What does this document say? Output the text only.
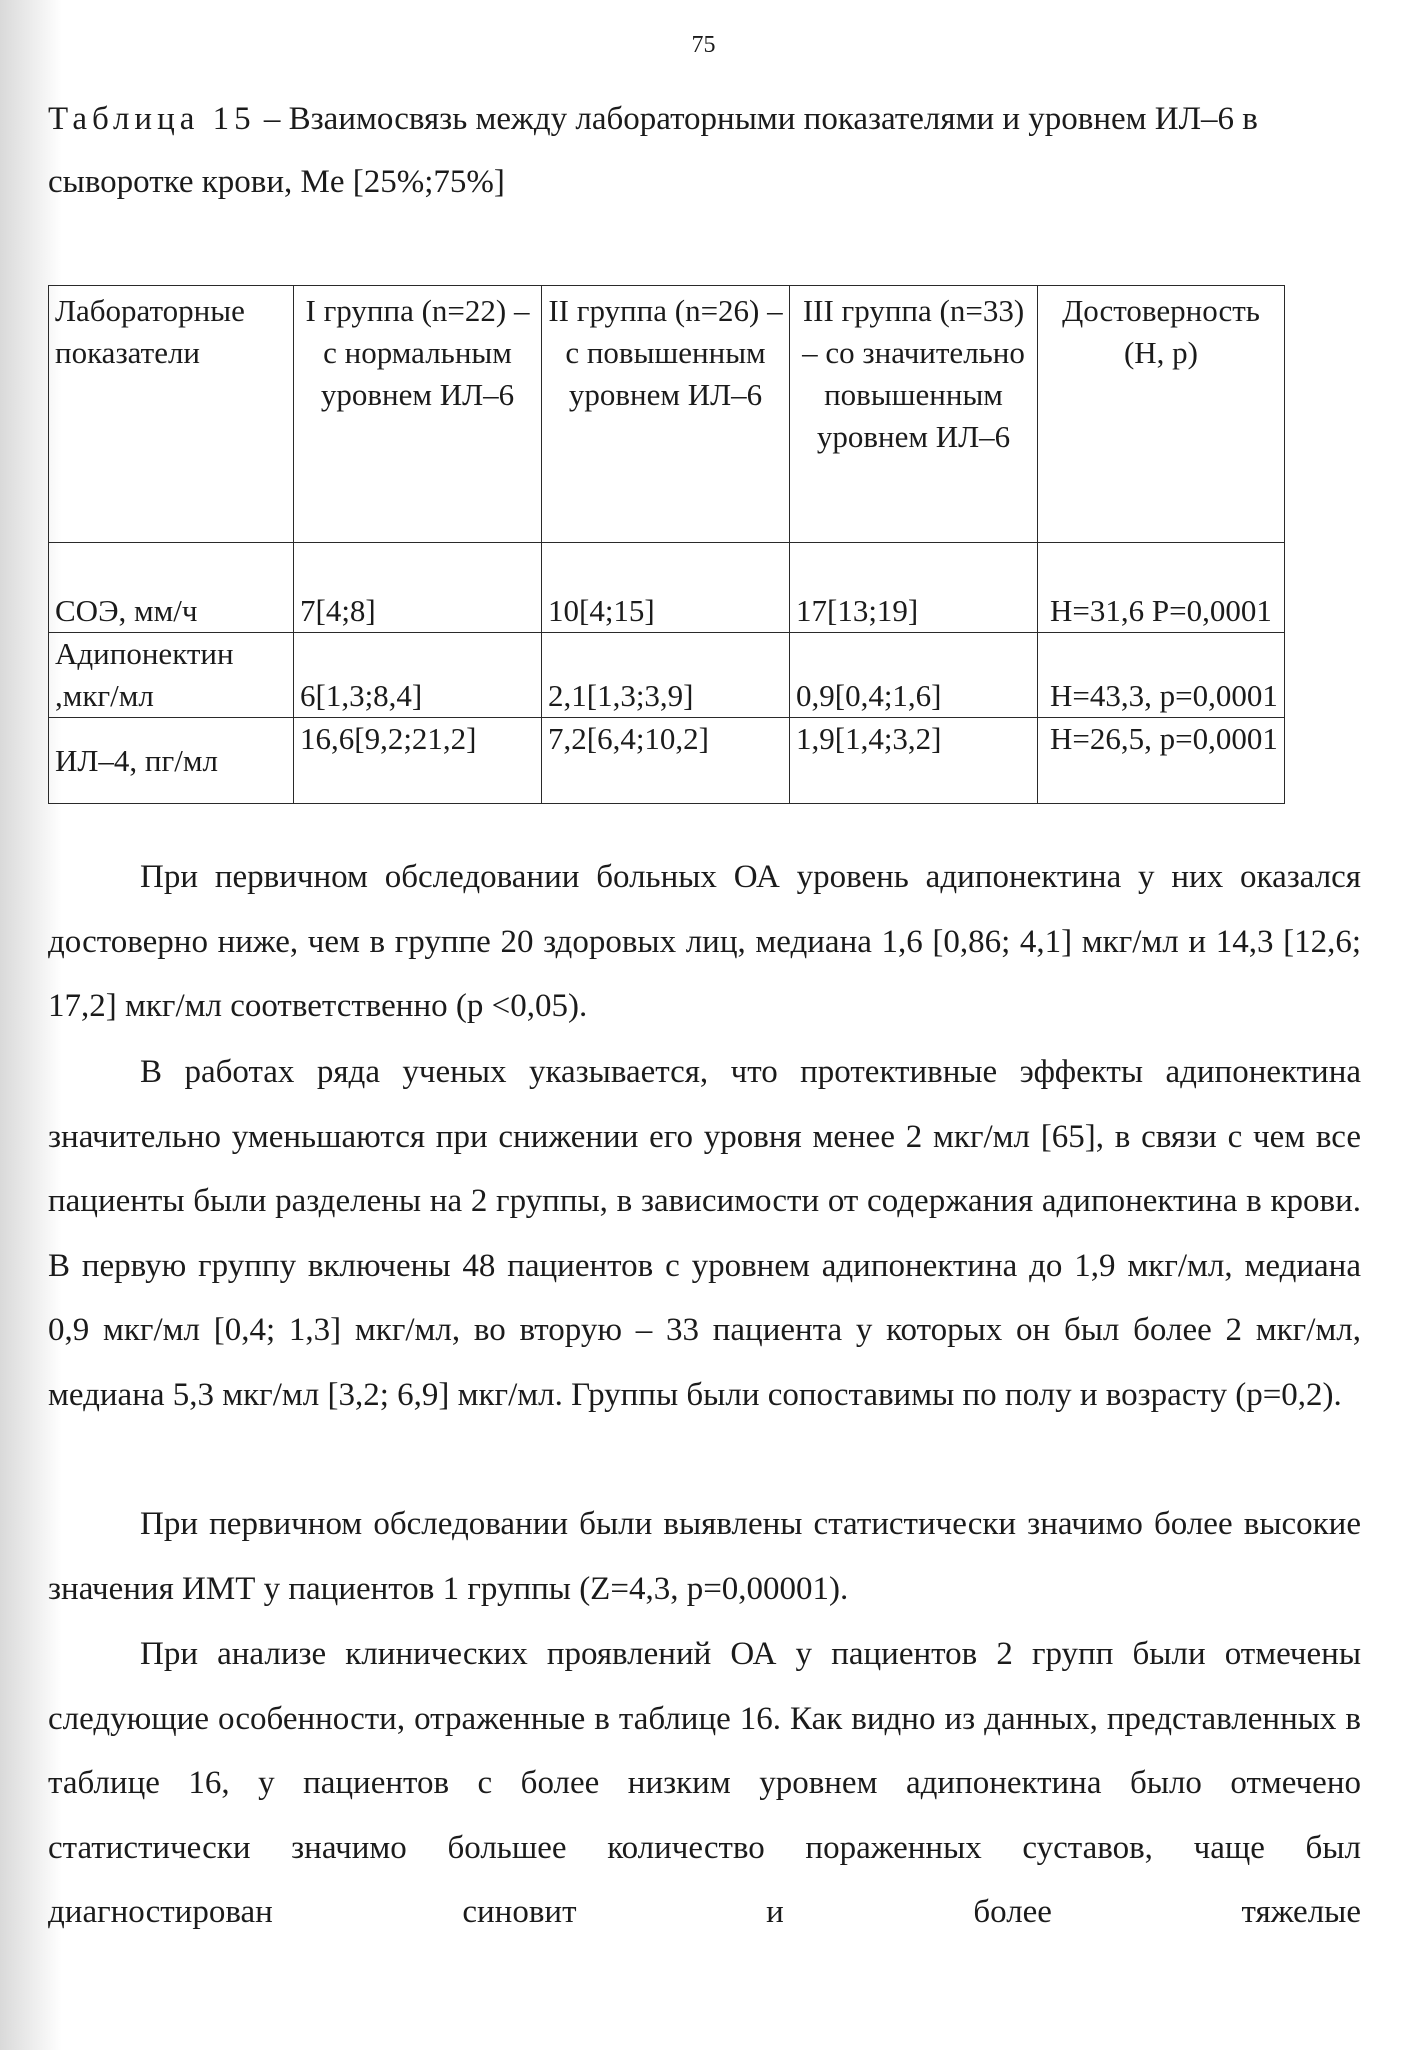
75

Таблица 15 – Взаимосвязь между лабораторными показателями и уровнем ИЛ–6 в сыворотке крови, Me [25%;75%]

Лабораторные показатели	I группа (n=22) – с нормальным уровнем ИЛ–6	II группа (n=26) – с повышенным уровнем ИЛ–6	III группа (n=33) – со значительно повышенным уровнем ИЛ–6	Достоверность (Н, р)
СОЭ, мм/ч	7[4;8]	10[4;15]	17[13;19]	Н=31,6 Р=0,0001
Адипонектин ,мкг/мл	6[1,3;8,4]	2,1[1,3;3,9]	0,9[0,4;1,6]	Н=43,3, р=0,0001
ИЛ–4, пг/мл	16,6[9,2;21,2]	7,2[6,4;10,2]	1,9[1,4;3,2]	Н=26,5, р=0,0001

При первичном обследовании больных ОА уровень адипонектина у них оказался достоверно ниже, чем в группе 20 здоровых лиц, медиана 1,6 [0,86; 4,1] мкг/мл и 14,3 [12,6; 17,2] мкг/мл соответственно (р <0,05).

В работах ряда ученых указывается, что протективные эффекты адипонектина значительно уменьшаются при снижении его уровня менее 2 мкг/мл [65], в связи с чем все пациенты были разделены на 2 группы, в зависимости от содержания адипонектина в крови. В первую группу включены 48 пациентов с уровнем адипонектина до 1,9 мкг/мл, медиана 0,9 мкг/мл [0,4; 1,3] мкг/мл, во вторую – 33 пациента у которых он был более 2 мкг/мл, медиана 5,3 мкг/мл [3,2; 6,9] мкг/мл. Группы были сопоставимы по полу и возрасту (р=0,2).

При первичном обследовании были выявлены статистически значимо более высокие значения ИМТ у пациентов 1 группы (Z=4,3, р=0,00001).

При анализе клинических проявлений ОА у пациентов 2 групп были отмечены следующие особенности, отраженные в таблице 16. Как видно из данных, представленных в таблице 16, у пациентов с более низким уровнем адипонектина было отмечено статистически значимо большее количество пораженных суставов, чаще был диагностирован синовит и более тяжелые
